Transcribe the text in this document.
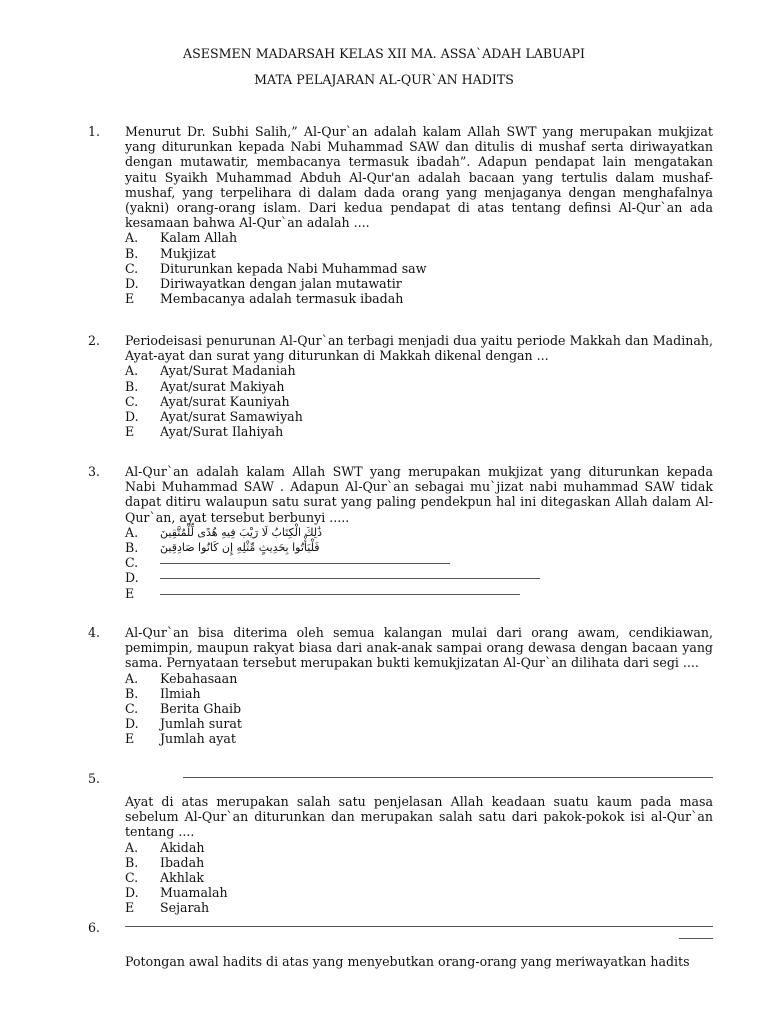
ASESMEN MADARSAH KELAS XII MA. ASSA`ADAH LABUAPI
MATA PELAJARAN AL-QUR`AN HADITS
1. Menurut Dr. Subhi Salih,” Al-Qur`an adalah kalam Allah SWT yang merupakan mukjizat yang diturunkan kepada Nabi Muhammad SAW dan ditulis di mushaf serta diriwayatkan dengan mutawatir, membacanya termasuk ibadah”. Adapun pendapat lain mengatakan yaitu Syaikh Muhammad Abduh Al-Qur'an adalah bacaan yang tertulis dalam mushaf-mushaf, yang terpelihara di dalam dada orang yang menjaganya dengan menghafalnya (yakni) orang-orang islam. Dari kedua pendapat di atas tentang definsi Al-Qur`an ada kesamaan bahwa Al-Qur`an adalah ....

A.	Kalam Allah
B.	Mukjizat
C.	Diturunkan kepada Nabi Muhammad saw
D.	Diriwayatkan dengan jalan mutawatir
E	Membacanya adalah termasuk ibadah
2. Periodeisasi penurunan Al-Qur`an terbagi menjadi dua yaitu periode Makkah dan Madinah, Ayat-ayat dan surat yang diturunkan di Makkah dikenal dengan ...

A.	Ayat/Surat Madaniah
B.	Ayat/surat Makiyah
C.	Ayat/surat Kauniyah
D.	Ayat/surat Samawiyah
E	Ayat/Surat Ilahiyah
3. Al-Qur`an adalah kalam Allah SWT yang merupakan mukjizat yang diturunkan kepada Nabi Muhammad SAW . Adapun Al-Qur`an sebagai mu`jizat nabi muhammad SAW tidak dapat ditiru walaupun satu surat yang paling pendekpun hal ini ditegaskan Allah dalam Al-Qur`an, ayat tersebut berbunyi .....

A.	ذَٰلِكَ الْكِتَابُ لَا رَيْبَ فِيهِ هُدًى لِّلْمُتَّقِينَ
B.	فَلْيَأْتُوا بِحَدِيثٍ مِّثْلِهِ إِن كَانُوا صَادِقِينَ
C.
D.
E
4. Al-Qur`an bisa diterima oleh semua kalangan mulai dari orang awam, cendikiawan, pemimpin, maupun rakyat biasa dari anak-anak sampai orang dewasa dengan bacaan yang sama. Pernyataan tersebut merupakan bukti kemukjizatan Al-Qur`an dilihata dari segi ....

A.	Kebahasaan
B.	Ilmiah
C.	Berita Ghaib
D.	Jumlah surat
E	Jumlah ayat
5.

Ayat di atas merupakan salah satu penjelasan Allah keadaan suatu kaum pada masa sebelum Al-Qur`an diturunkan dan merupakan salah satu dari pakok-pokok isi al-Qur`an tentang ....

A.	Akidah
B.	Ibadah
C.	Akhlak
D.	Muamalah
E	Sejarah
6.

Potongan awal hadits di atas yang menyebutkan orang-orang yang meriwayatkan hadits
